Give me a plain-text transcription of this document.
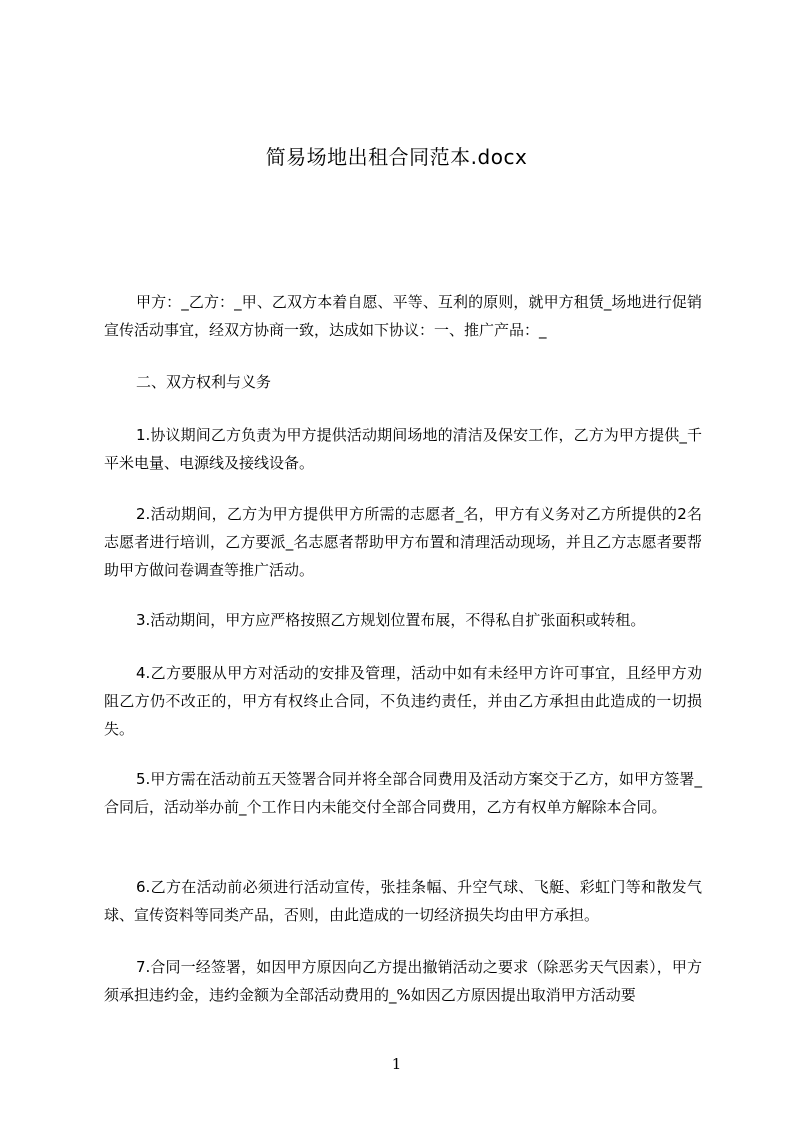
简易场地出租合同范本.docx
甲方：_乙方：_甲、乙双方本着自愿、平等、互利的原则，就甲方租赁_场地进行促销宣传活动事宜，经双方协商一致，达成如下协议：一、推广产品：_
二、双方权利与义务
1.协议期间乙方负责为甲方提供活动期间场地的清洁及保安工作，乙方为甲方提供_千平米电量、电源线及接线设备。
2.活动期间，乙方为甲方提供甲方所需的志愿者_名，甲方有义务对乙方所提供的2名志愿者进行培训，乙方要派_名志愿者帮助甲方布置和清理活动现场，并且乙方志愿者要帮助甲方做问卷调查等推广活动。
3.活动期间，甲方应严格按照乙方规划位置布展，不得私自扩张面积或转租。
4.乙方要服从甲方对活动的安排及管理，活动中如有未经甲方许可事宜，且经甲方劝阻乙方仍不改正的，甲方有权终止合同，不负违约责任，并由乙方承担由此造成的一切损失。
5.甲方需在活动前五天签署合同并将全部合同费用及活动方案交于乙方，如甲方签署_合同后，活动举办前_个工作日内未能交付全部合同费用，乙方有权单方解除本合同。
6.乙方在活动前必须进行活动宣传，张挂条幅、升空气球、飞艇、彩虹门等和散发气球、宣传资料等同类产品，否则，由此造成的一切经济损失均由甲方承担。
7.合同一经签署，如因甲方原因向乙方提出撤销活动之要求（除恶劣天气因素），甲方须承担违约金，违约金额为全部活动费用的_%如因乙方原因提出取消甲方活动要
1
